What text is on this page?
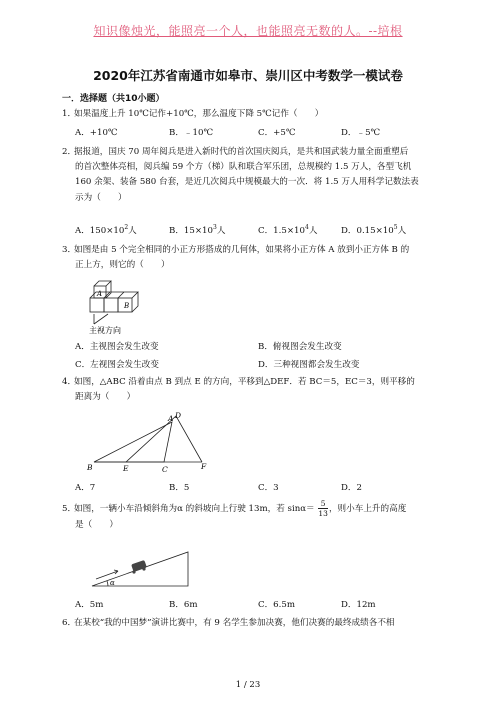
知识像烛光，能照亮一个人，也能照亮无数的人。--培根
2020年江苏省南通市如皋市、崇川区中考数学一模试卷
一．选择题（共10小题）
1．如果温度上升 10℃记作+10℃，那么温度下降 5℃记作（　　）
A．+10℃	B．﹣10℃	C．+5℃	D．﹣5℃
2．据报道，国庆 70 周年阅兵是进入新时代的首次国庆阅兵，是共和国武装力量全面重塑后
的首次整体亮相，阅兵编 59 个方（梯）队和联合军乐团，总规模约 1.5 万人，各型飞机
160 余架、装备 580 台套，是近几次阅兵中规模最大的一次．将 1.5 万人用科学记数法表
示为（　　）
A．$150\times 10^2$人	B．$15\times 10^3$人	C．$1.5\times 10^4$人	D．$0.15\times 10^5$人
3．如图是由 5 个完全相同的小正方形搭成的几何体，如果将小正方体 A 放到小正方体 B 的
正上方，则它的（　　）
A
B
主视方向
A．主视图会发生改变	B．俯视图会发生改变
C．左视图会发生改变	D．三种视图都会发生改变
4．如图，△ABC 沿着由点 B 到点 E 的方向，平移到△DEF．若 BC＝5，EC＝3，则平移的
距离为（　　）
A D
B	E	C	F
A．7	B．5	C．3	D．2
5．如图，一辆小车沿倾斜角为α 的斜坡向上行驶 13m，若 $\sin\alpha= \frac{5}{13}$ ，则小车上升的高度
是（　　）
α
A．5m	B．6m	C．6.5m	D．12m
6．在某校“我的中国梦”演讲比赛中，有 9 名学生参加决赛，他们决赛的最终成绩各不相
1 / 23
